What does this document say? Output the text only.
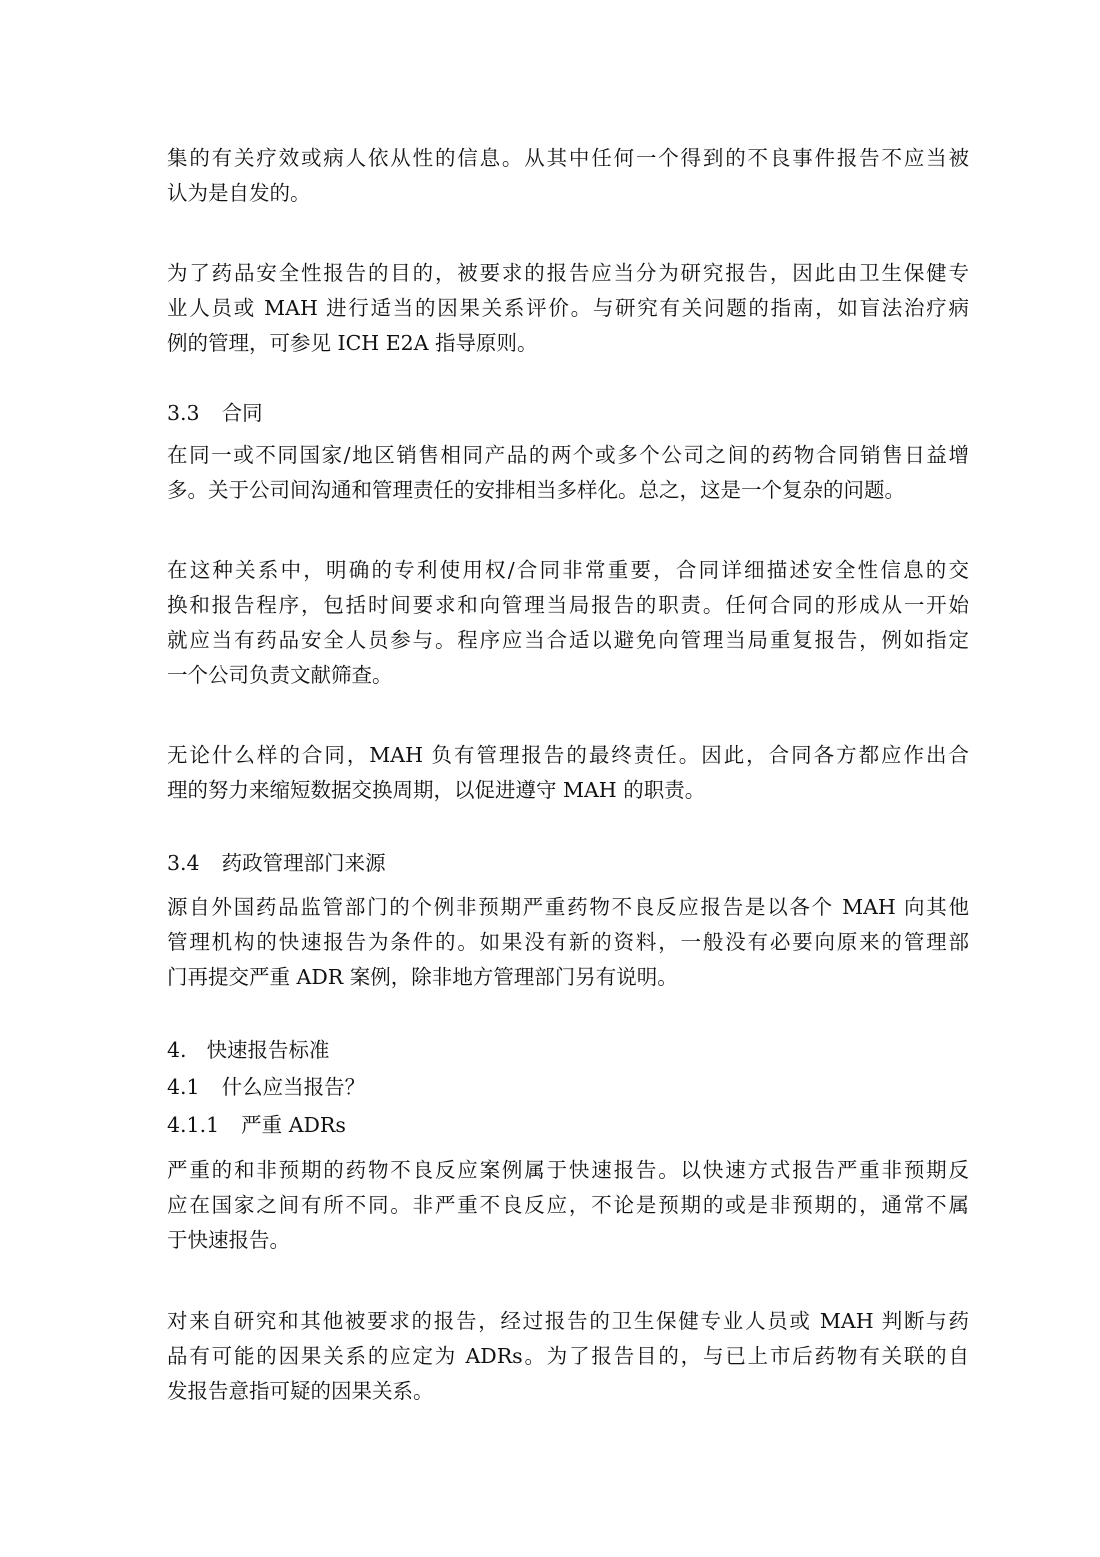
集的有关疗效或病人依从性的信息。从其中任何一个得到的不良事件报告不应当被
认为是自发的。
为了药品安全性报告的目的，被要求的报告应当分为研究报告，因此由卫生保健专
业人员或 MAH 进行适当的因果关系评价。与研究有关问题的指南，如盲法治疗病
例的管理，可参见 ICH E2A 指导原则。
3.3 合同
在同一或不同国家/地区销售相同产品的两个或多个公司之间的药物合同销售日益增
多。关于公司间沟通和管理责任的安排相当多样化。总之，这是一个复杂的问题。
在这种关系中，明确的专利使用权/合同非常重要，合同详细描述安全性信息的交
换和报告程序，包括时间要求和向管理当局报告的职责。任何合同的形成从一开始
就应当有药品安全人员参与。程序应当合适以避免向管理当局重复报告，例如指定
一个公司负责文献筛查。
无论什么样的合同，MAH 负有管理报告的最终责任。因此，合同各方都应作出合
理的努力来缩短数据交换周期，以促进遵守 MAH 的职责。
3.4 药政管理部门来源
源自外国药品监管部门的个例非预期严重药物不良反应报告是以各个 MAH 向其他
管理机构的快速报告为条件的。如果没有新的资料，一般没有必要向原来的管理部
门再提交严重 ADR 案例，除非地方管理部门另有说明。
4. 快速报告标准
4.1 什么应当报告？
4.1.1 严重 ADRs
严重的和非预期的药物不良反应案例属于快速报告。以快速方式报告严重非预期反
应在国家之间有所不同。非严重不良反应，不论是预期的或是非预期的，通常不属
于快速报告。
对来自研究和其他被要求的报告，经过报告的卫生保健专业人员或 MAH 判断与药
品有可能的因果关系的应定为 ADRs。为了报告目的，与已上市后药物有关联的自
发报告意指可疑的因果关系。
